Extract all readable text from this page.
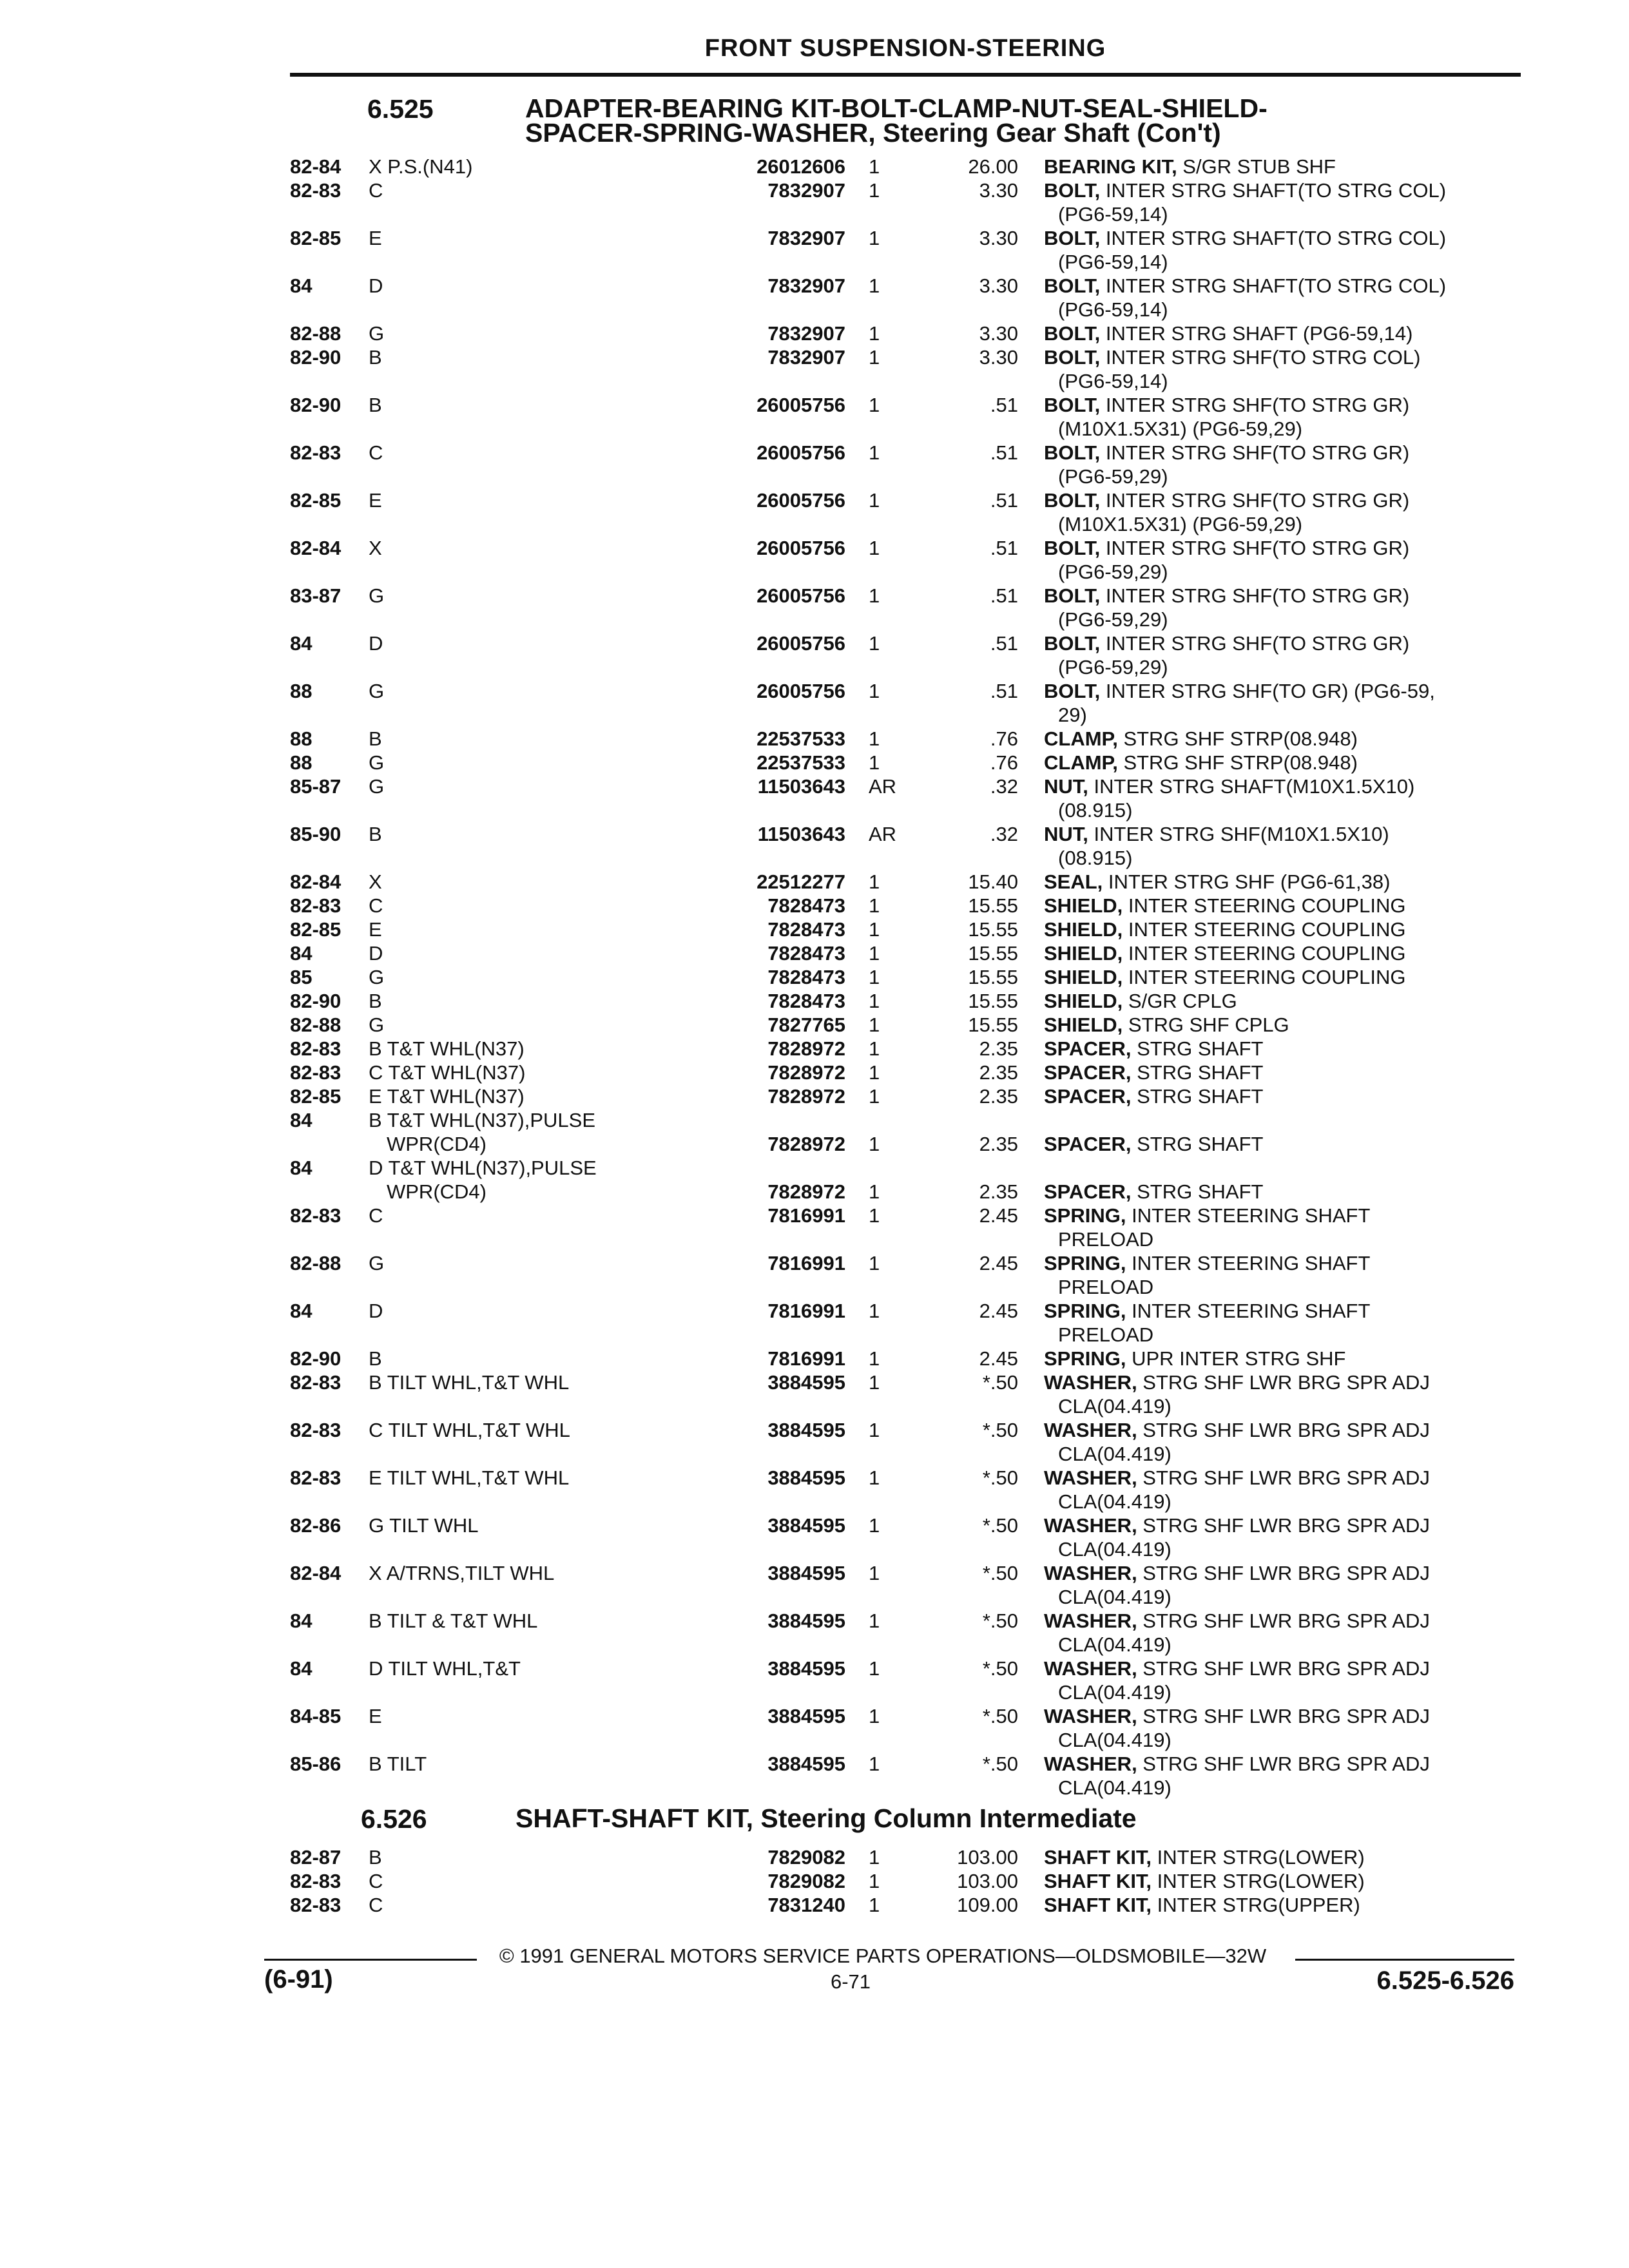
FRONT SUSPENSION-STEERING
6.525	ADAPTER-BEARING KIT-BOLT-CLAMP-NUT-SEAL-SHIELD-
SPACER-SPRING-WASHER, Steering Gear Shaft (Con't)
82-84 X P.S.(N41)	26012606 1	26.00 BEARING KIT, S/GR STUB SHF
82-83 C	7832907 1	3.30 BOLT, INTER STRG SHAFT(TO STRG COL)
(PG6-59,14)
82-85 E	7832907 1	3.30 BOLT, INTER STRG SHAFT(TO STRG COL)
(PG6-59,14)
84	D	7832907 1	3.30 BOLT, INTER STRG SHAFT(TO STRG COL)
(PG6-59,14)
82-88 G	7832907 1	3.30 BOLT, INTER STRG SHAFT (PG6-59,14)
82-90 B	7832907 1	3.30 BOLT, INTER STRG SHF(TO STRG COL)
(PG6-59,14)
82-90 B	26005756 1	.51 BOLT, INTER STRG SHF(TO STRG GR)
(M10X1.5X31) (PG6-59,29)
82-83 C	26005756 1	.51 BOLT, INTER STRG SHF(TO STRG GR)
(PG6-59,29)
82-85 E	26005756 1	.51 BOLT, INTER STRG SHF(TO STRG GR)
(M10X1.5X31) (PG6-59,29)
82-84 X	26005756 1	.51 BOLT, INTER STRG SHF(TO STRG GR)
(PG6-59,29)
83-87 G	26005756 1	.51 BOLT, INTER STRG SHF(TO STRG GR)
(PG6-59,29)
84	D	26005756 1	.51 BOLT, INTER STRG SHF(TO STRG GR)
(PG6-59,29)
88	G	26005756 1	.51 BOLT, INTER STRG SHF(TO GR) (PG6-59,
29)
88	B	22537533 1	.76 CLAMP, STRG SHF STRP(08.948)
88	G	22537533 1	.76 CLAMP, STRG SHF STRP(08.948)
85-87 G	11503643 AR	.32 NUT, INTER STRG SHAFT(M10X1.5X10)
(08.915)
85-90 B	11503643 AR	.32 NUT, INTER STRG SHF(M10X1.5X10)
(08.915)
82-84 X	22512277 1	15.40 SEAL, INTER STRG SHF (PG6-61,38)
82-83 C	7828473 1	15.55 SHIELD, INTER STEERING COUPLING
82-85 E	7828473 1	15.55 SHIELD, INTER STEERING COUPLING
84	D	7828473 1	15.55 SHIELD, INTER STEERING COUPLING
85	G	7828473 1	15.55 SHIELD, INTER STEERING COUPLING
82-90 B	7828473 1	15.55 SHIELD, S/GR CPLG
82-88 G	7827765 1	15.55 SHIELD, STRG SHF CPLG
82-83 B T&T WHL(N37)	7828972 1	2.35 SPACER, STRG SHAFT
82-83 C T&T WHL(N37)	7828972 1	2.35 SPACER, STRG SHAFT
82-85 E T&T WHL(N37)	7828972 1	2.35 SPACER, STRG SHAFT
84	B T&T WHL(N37),PULSE
WPR(CD4)	7828972 1	2.35 SPACER, STRG SHAFT
84	D T&T WHL(N37),PULSE
WPR(CD4)	7828972 1	2.35 SPACER, STRG SHAFT
82-83 C	7816991 1	2.45 SPRING, INTER STEERING SHAFT
PRELOAD
82-88 G	7816991 1	2.45 SPRING, INTER STEERING SHAFT
PRELOAD
84	D	7816991 1	2.45 SPRING, INTER STEERING SHAFT
PRELOAD
82-90 B	7816991 1	2.45 SPRING, UPR INTER STRG SHF
82-83 B TILT WHL,T&T WHL	3884595 1	*.50 WASHER, STRG SHF LWR BRG SPR ADJ
CLA(04.419)
82-83 C TILT WHL,T&T WHL	3884595 1	*.50 WASHER, STRG SHF LWR BRG SPR ADJ
CLA(04.419)
82-83 E TILT WHL,T&T WHL	3884595 1	*.50 WASHER, STRG SHF LWR BRG SPR ADJ
CLA(04.419)
82-86 G TILT WHL	3884595 1	*.50 WASHER, STRG SHF LWR BRG SPR ADJ
CLA(04.419)
82-84 X A/TRNS,TILT WHL	3884595 1	*.50 WASHER, STRG SHF LWR BRG SPR ADJ
CLA(04.419)
84	B TILT & T&T WHL	3884595 1	*.50 WASHER, STRG SHF LWR BRG SPR ADJ
CLA(04.419)
84	D TILT WHL,T&T	3884595 1	*.50 WASHER, STRG SHF LWR BRG SPR ADJ
CLA(04.419)
84-85 E	3884595 1	*.50 WASHER, STRG SHF LWR BRG SPR ADJ
CLA(04.419)
85-86 B TILT	3884595 1	*.50 WASHER, STRG SHF LWR BRG SPR ADJ
CLA(04.419)
6.526	SHAFT-SHAFT KIT, Steering Column Intermediate
82-87 B	7829082 1	103.00 SHAFT KIT, INTER STRG(LOWER)
82-83 C	7829082 1	103.00 SHAFT KIT, INTER STRG(LOWER)
82-83 C	7831240 1	109.00 SHAFT KIT, INTER STRG(UPPER)
© 1991 GENERAL MOTORS SERVICE PARTS OPERATIONS—OLDSMOBILE—32W
(6-91)	6-71	6.525-6.526
